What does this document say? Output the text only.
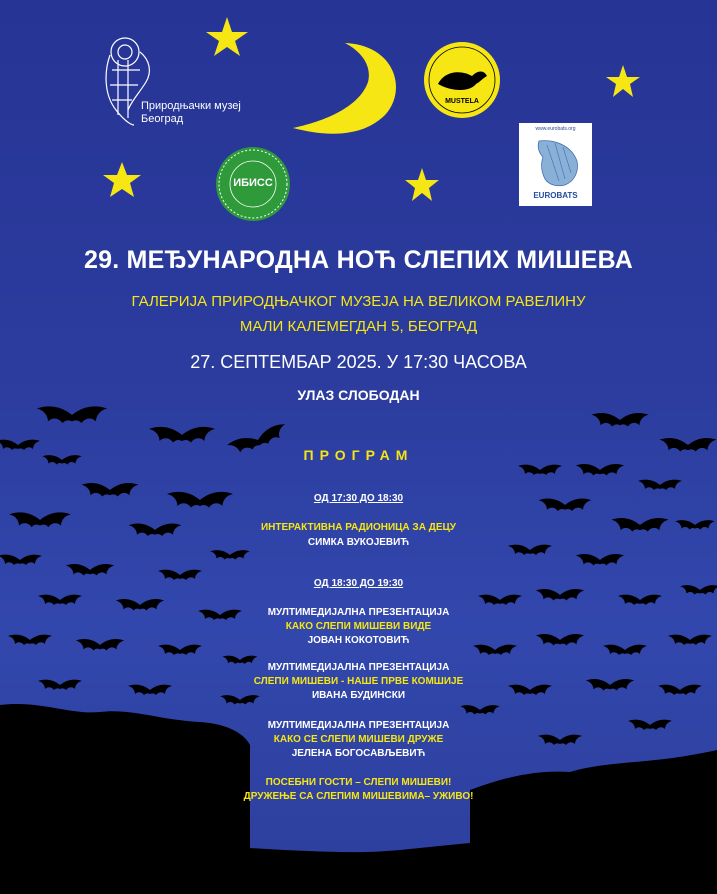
Природњачки музеј
Београд
ИБИСС
MUSTELA
www.eurobats.org
EUROBATS
29. МЕЂУНАРОДНА НОЋ СЛЕПИХ МИШЕВА
ГАЛЕРИЈА ПРИРОДЊАЧКОГ МУЗЕЈА НА ВЕЛИКОМ РАВЕЛИНУ
МАЛИ КАЛЕМЕГДАН 5, БЕОГРАД
27. СЕПТЕМБАР 2025. У 17:30 ЧАСОВА
УЛАЗ СЛОБОДАН
ПРОГРАМ
ОД 17:30 ДО 18:30
ИНТЕРАКТИВНА РАДИОНИЦА ЗА ДЕЦУ
СИМКА ВУКОЈЕВИЋ
ОД 18:30 ДО 19:30
МУЛТИМЕДИЈАЛНА ПРЕЗЕНТАЦИЈА
КАКО СЛЕПИ МИШЕВИ ВИДЕ
ЈОВАН КОКОТОВИЋ
МУЛТИМЕДИЈАЛНА ПРЕЗЕНТАЦИЈА
СЛЕПИ МИШЕВИ - НАШЕ ПРВЕ КОМШИЈЕ
ИВАНА БУДИНСКИ
МУЛТИМЕДИЈАЛНА ПРЕЗЕНТАЦИЈА
КАКО СЕ СЛЕПИ МИШЕВИ ДРУЖЕ
ЈЕЛЕНА БОГОСАВЉЕВИЋ
ПОСЕБНИ ГОСТИ – СЛЕПИ МИШЕВИ!
ДРУЖЕЊЕ СА СЛЕПИМ МИШЕВИМА– УЖИВО!
